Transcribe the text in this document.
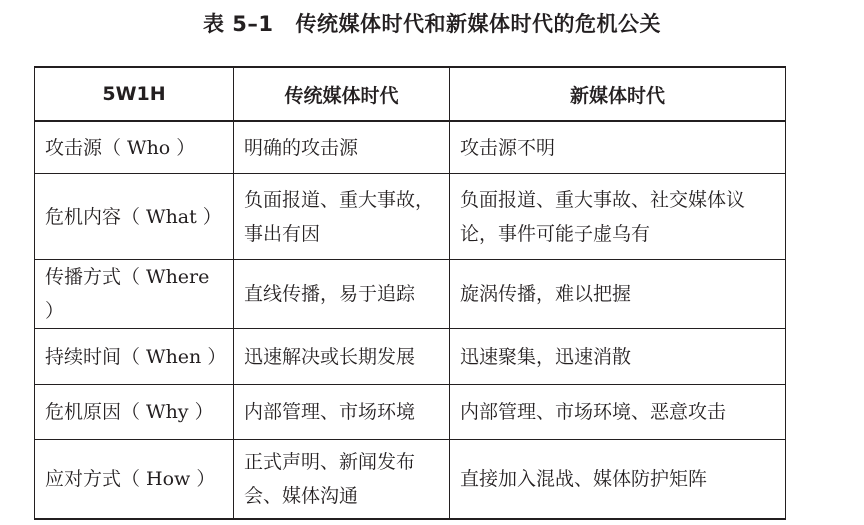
表 5–1 传统媒体时代和新媒体时代的危机公关
5W1H	传统媒体时代	新媒体时代
攻击源（ Who ）	明确的攻击源	攻击源不明
危机内容（ What ）	负面报道、重大事故，事出有因	负面报道、重大事故、社交媒体议论，事件可能子虚乌有
传播方式（ Where ）	直线传播，易于追踪	旋涡传播，难以把握
持续时间（ When ）	迅速解决或长期发展	迅速聚集，迅速消散
危机原因（ Why ）	内部管理、市场环境	内部管理、市场环境、恶意攻击
应对方式（ How ）	正式声明、新闻发布会、媒体沟通	直接加入混战、媒体防护矩阵
